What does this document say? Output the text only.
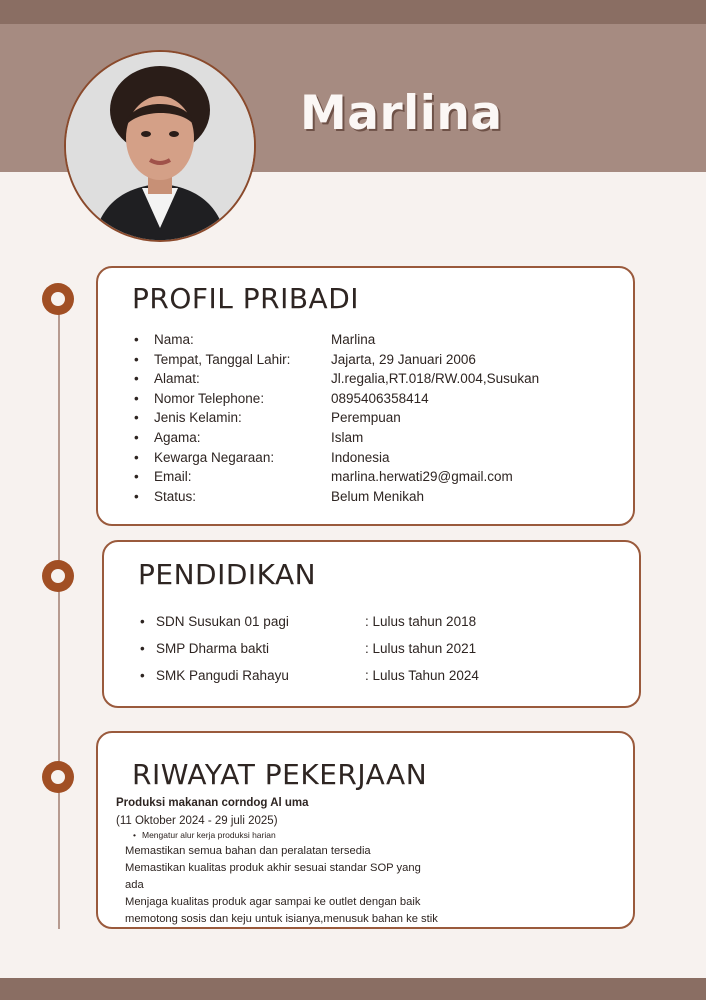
Marlina
PROFIL PRIBADI
Nama:	Marlina
Tempat, Tanggal Lahir:	Jajarta, 29 Januari 2006
Alamat:	Jl.regalia,RT.018/RW.004,Susukan
Nomor Telephone:	0895406358414
Jenis Kelamin:	Perempuan
Agama:	Islam
Kewarga Negaraan:	Indonesia
Email:	marlina.herwati29@gmail.com
Status:	Belum Menikah
PENDIDIKAN
SDN Susukan 01 pagi	: Lulus tahun 2018
SMP Dharma bakti	: Lulus tahun 2021
SMK Pangudi Rahayu	: Lulus Tahun 2024
RIWAYAT PEKERJAAN
Produksi makanan corndog Al uma
(11 Oktober 2024 - 29 juli 2025)
• Mengatur alur kerja produksi harian
Memastikan semua bahan dan peralatan tersedia
Memastikan kualitas produk akhir sesuai standar SOP yang
ada
Menjaga kualitas produk agar sampai ke outlet dengan baik
memotong sosis dan keju untuk isianya,menusuk bahan ke stik
